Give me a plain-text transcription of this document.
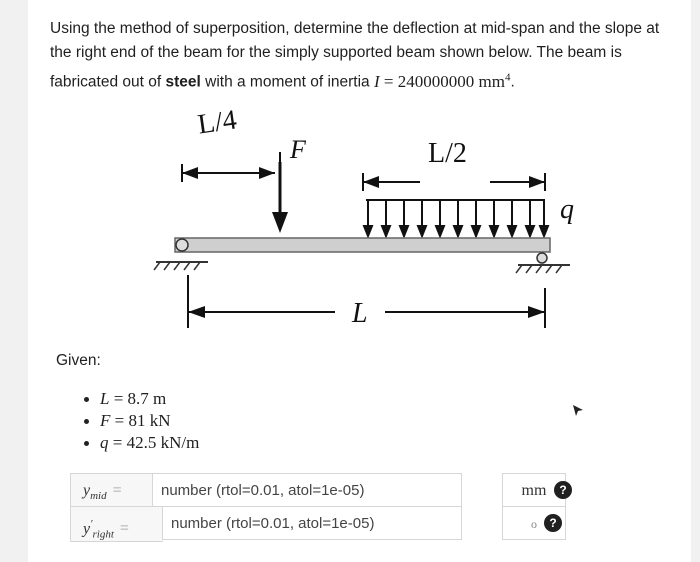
Using the method of superposition, determine the deflection at mid-span and the slope at the right end of the beam for the simply supported beam shown below. The beam is fabricated out of steel with a moment of inertia I = 240000000 $mm^4$.
L/4
F	L/2
q
L
Given:
L = 8.7 m
F = 81 kN
q = 42.5 kN/m
$y_{mid}$ =	number (rtol=0.01, atol=1e-05)	mm	?
$y'_{right}$ =	number (rtol=0.01, atol=1e-05)	o	?
